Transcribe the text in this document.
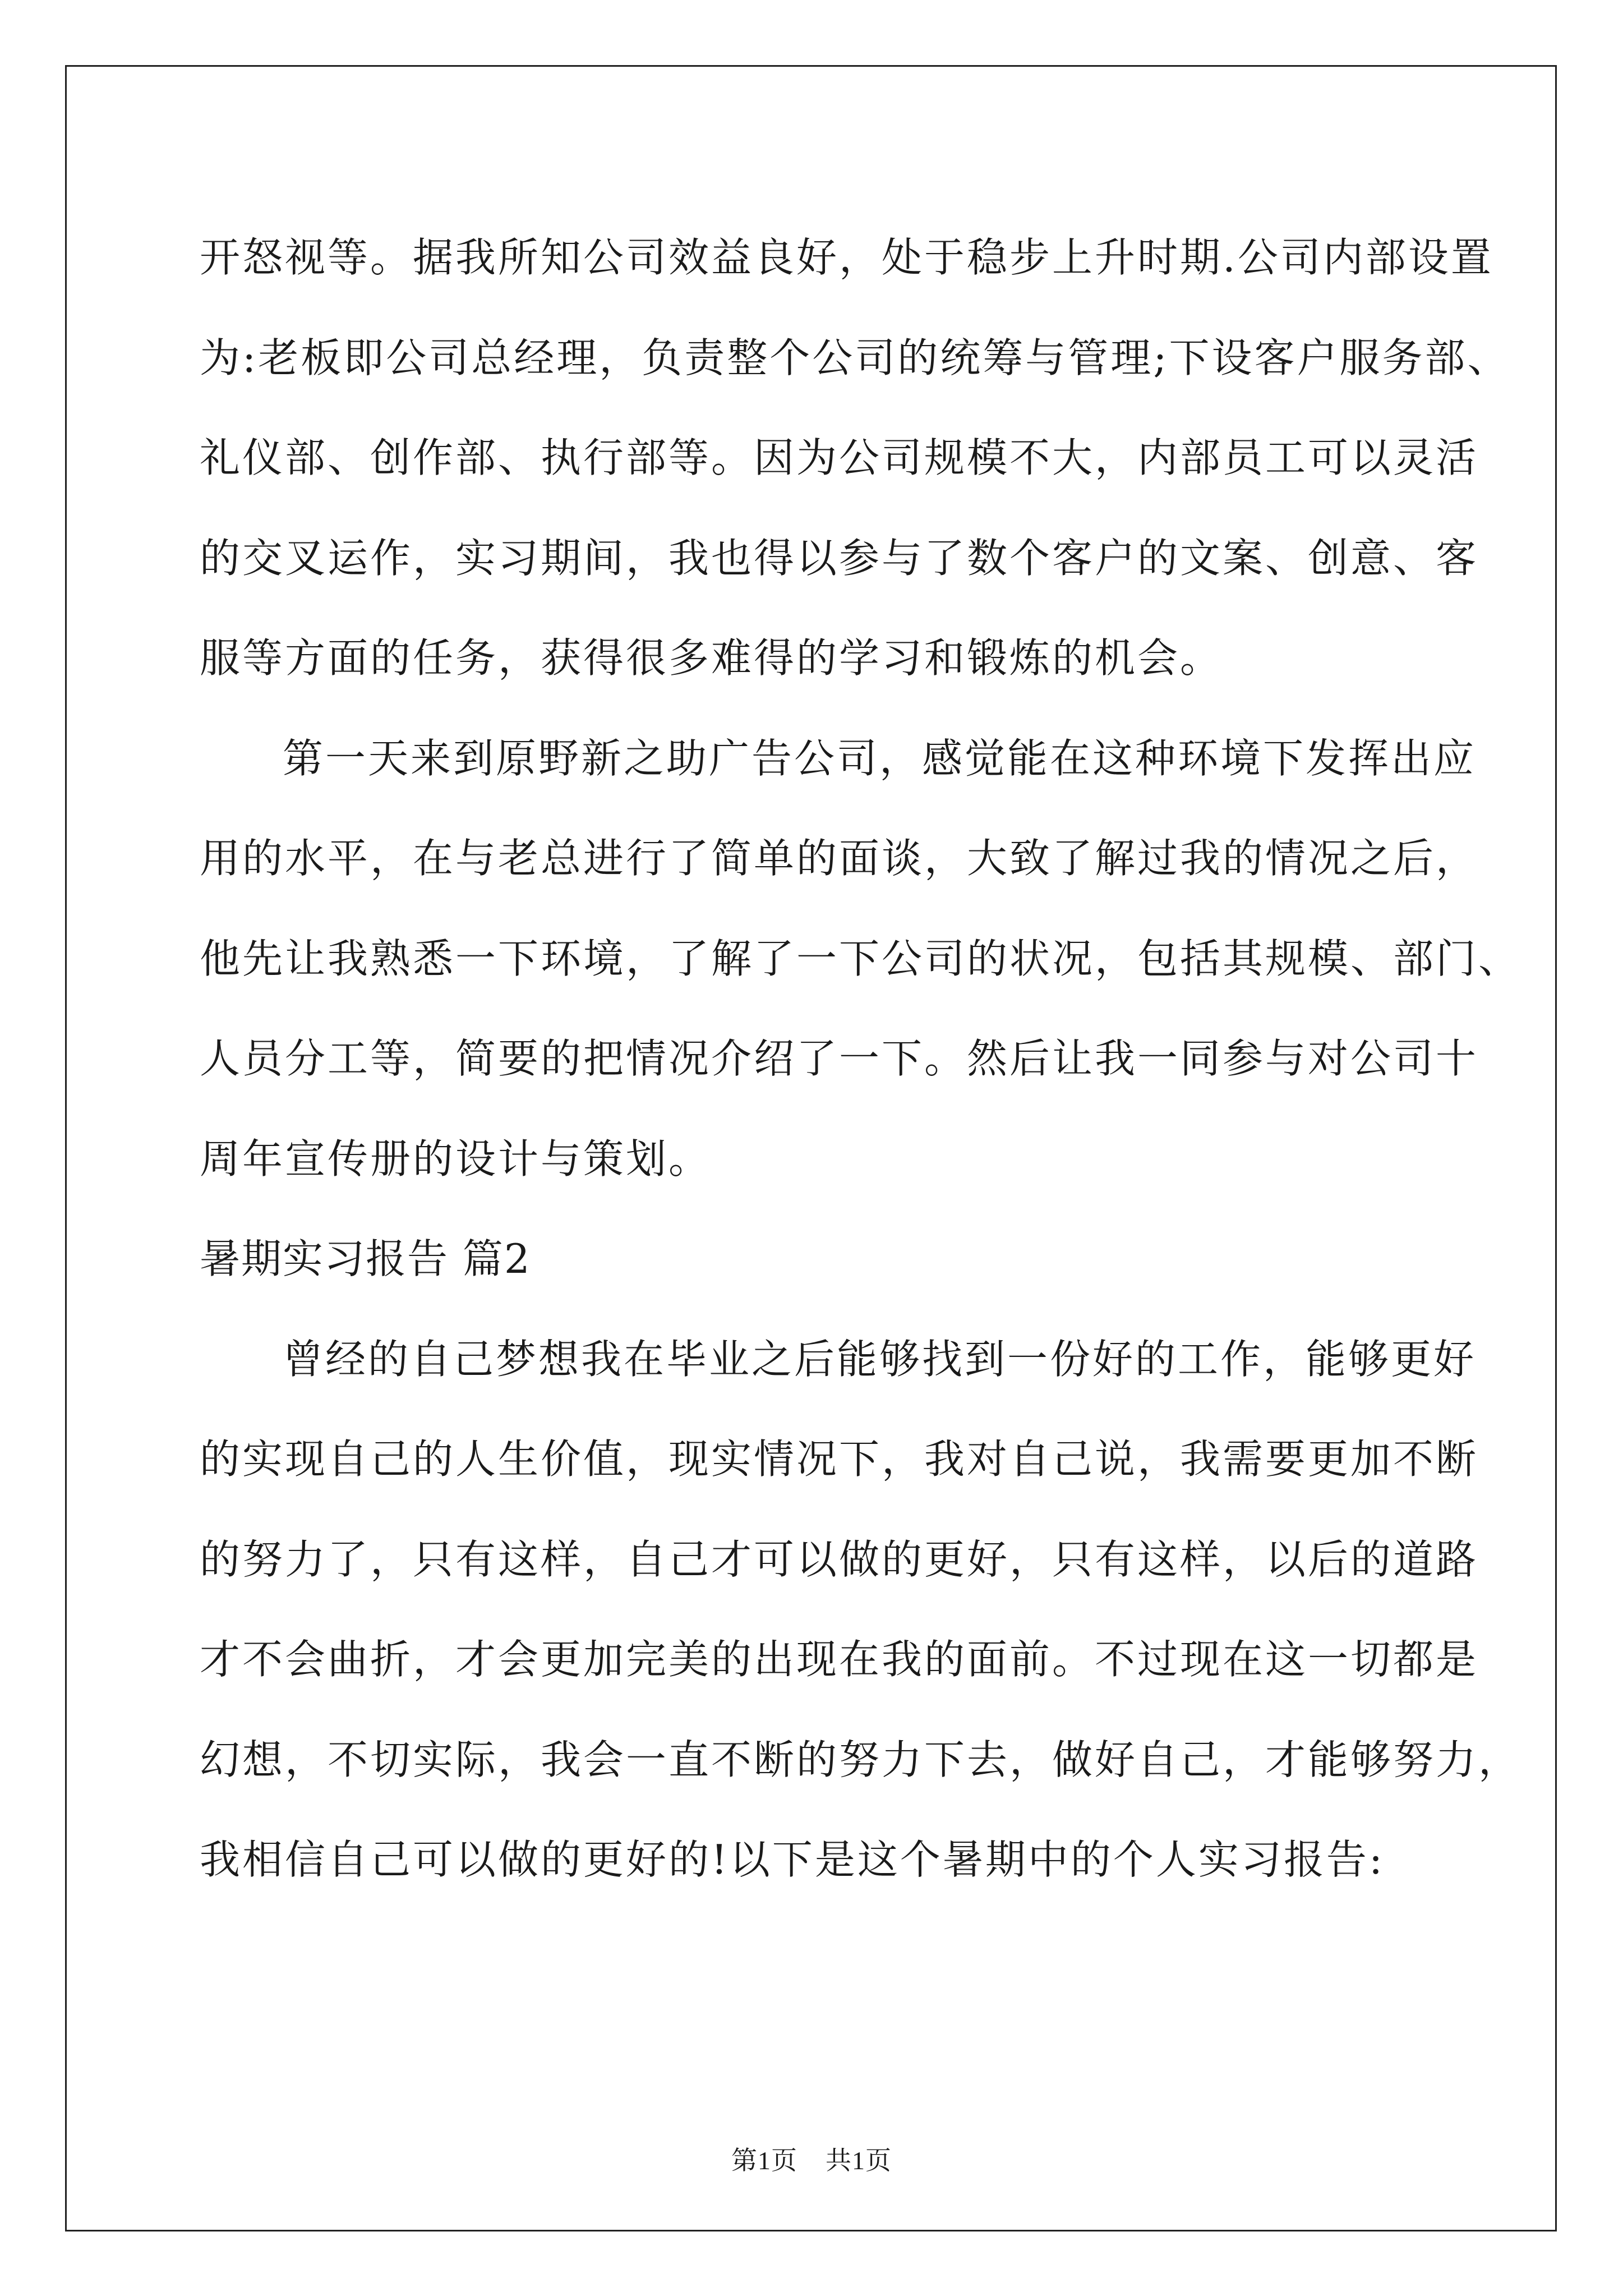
开怒视等。据我所知公司效益良好，处于稳步上升时期.公司内部设置
为:老板即公司总经理，负责整个公司的统筹与管理;下设客户服务部、
礼仪部、创作部、执行部等。因为公司规模不大，内部员工可以灵活
的交叉运作，实习期间，我也得以参与了数个客户的文案、创意、客
服等方面的任务，获得很多难得的学习和锻炼的机会。
第一天来到原野新之助广告公司，感觉能在这种环境下发挥出应
用的水平，在与老总进行了简单的面谈，大致了解过我的情况之后，
他先让我熟悉一下环境，了解了一下公司的状况，包括其规模、部门、
人员分工等，简要的把情况介绍了一下。然后让我一同参与对公司十
周年宣传册的设计与策划。
暑期实习报告 篇2
曾经的自己梦想我在毕业之后能够找到一份好的工作，能够更好
的实现自己的人生价值，现实情况下，我对自己说，我需要更加不断
的努力了，只有这样，自己才可以做的更好，只有这样，以后的道路
才不会曲折，才会更加完美的出现在我的面前。不过现在这一切都是
幻想，不切实际，我会一直不断的努力下去，做好自己，才能够努力，
我相信自己可以做的更好的!以下是这个暑期中的个人实习报告:
第1页 共1页
